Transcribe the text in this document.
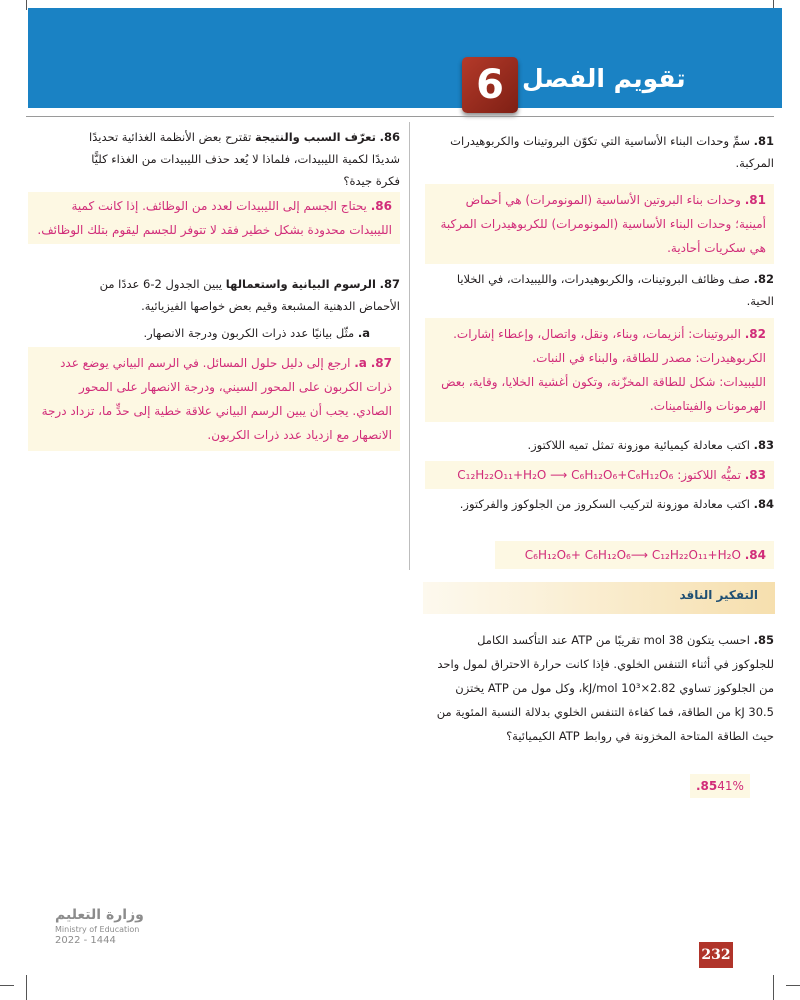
تقويم الفصل
6

81. سمِّ وحدات البناء الأساسية التي تكوّن البروتينات والكربوهيدرات المركبة.

81. وحدات بناء البروتين الأساسية (المونومرات) هي أحماض أمينية؛ وحدات البناء الأساسية (المونومرات) للكربوهيدرات المركبة هي سكريات أحادية.

82. صف وظائف البروتينات، والكربوهيدرات، والليبيدات، في الخلايا الحية.

82. البروتينات: أنزيمات، وبناء، ونقل، واتصال، وإعطاء إشارات.
الكربوهيدرات: مصدر للطاقة، والبناء في النبات.
الليبيدات: شكل للطاقة المخزّنة، وتكون أغشية الخلايا، وقاية، بعض الهرمونات والفيتامينات.

83. اكتب معادلة كيميائية موزونة تمثل تميه اللاكتوز.

83. تميُّه اللاكتوز: C₁₂H₂₂O₁₁+H₂O ⟶ C₆H₁₂O₆+C₆H₁₂O₆

84. اكتب معادلة موزونة لتركيب السكروز من الجلوكوز والفركتوز.

84. C₆H₁₂O₆+ C₆H₁₂O₆⟶ C₁₂H₂₂O₁₁+H₂O
التفكير الناقد

85. احسب يتكون 38 mol تقريبًا من ATP عند التأكسد الكامل للجلوكوز في أثناء التنفس الخلوي. فإذا كانت حرارة الاحتراق لمول واحد من الجلوكوز تساوي 2.82×10³ kJ/mol، وكل مول من ATP يختزن 30.5 kJ من الطاقة، فما كفاءة التنفس الخلوي بدلالة النسبة المئوية من حيث الطاقة المتاحة المخزونة في روابط ATP الكيميائية؟

41%.85

86. تعرّف السبب والنتيجة تقترح بعض الأنظمة الغذائية تحديدًا شديدًا لكمية الليبيدات، فلماذا لا يُعد حذف الليبيدات من الغذاء كليًّا فكرة جيدة؟

86. يحتاج الجسم إلى الليبيدات لعدد من الوظائف. إذا كانت كمية الليبيدات محدودة بشكل خطير فقد لا تتوفر للجسم ليقوم بتلك الوظائف.

87. الرسوم البيانية واستعمالها يبين الجدول 2-6 عددًا من الأحماض الدهنية المشبعة وقيم بعض خواصها الفيزيائية.

a. مثّل بيانيًا عدد ذرات الكربون ودرجة الانصهار.

87. a. ارجع إلى دليل حلول المسائل. في الرسم البياني يوضع عدد ذرات الكربون على المحور السيني، ودرجة الانصهار على المحور الصادي. يجب أن يبين الرسم البياني علاقة خطية إلى حدٍّ ما، تزداد درجة الانصهار مع ازدياد عدد ذرات الكربون.
وزارة التعليم
Ministry of Education
2022 - 1444
232
